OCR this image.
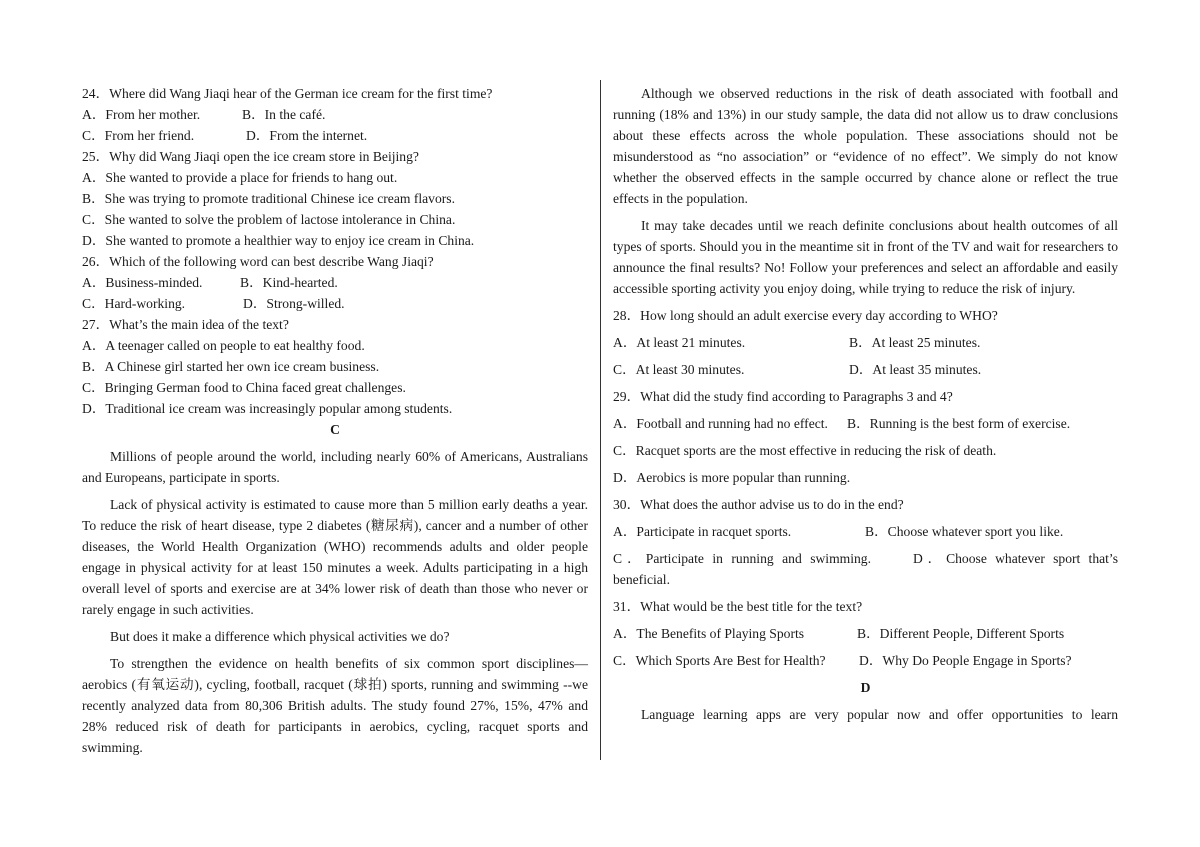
24．Where did Wang Jiaqi hear of the German ice cream for the first time?
A．From her mother.	B．In the café.
C．From her friend.	D．From the internet.
25．Why did Wang Jiaqi open the ice cream store in Beijing?
A．She wanted to provide a place for friends to hang out.
B．She was trying to promote traditional Chinese ice cream flavors.
C．She wanted to solve the problem of lactose intolerance in China.
D．She wanted to promote a healthier way to enjoy ice cream in China.
26．Which of the following word can best describe Wang Jiaqi?
A．Business-minded.	B．Kind-hearted.
C．Hard-working.	D．Strong-willed.
27．What’s the main idea of the text?
A．A teenager called on people to eat healthy food.
B．A Chinese girl started her own ice cream business.
C．Bringing German food to China faced great challenges.
D．Traditional ice cream was increasingly popular among students.
C
Millions of people around the world, including nearly 60% of Americans, Australians and Europeans, participate in sports.
Lack of physical activity is estimated to cause more than 5 million early deaths a year. To reduce the risk of heart disease, type 2 diabetes (糖尿病), cancer and a number of other diseases, the World Health Organization (WHO) recommends adults and older people engage in physical activity for at least 150 minutes a week. Adults participating in a high overall level of sports and exercise are at 34% lower risk of death than those who never or rarely engage in such activities.
But does it make a difference which physical activities we do?
To strengthen the evidence on health benefits of six common sport disciplines—aerobics (有氧运动), cycling, football, racquet (球拍) sports, running and swimming --we recently analyzed data from 80,306 British adults. The study found 27%, 15%, 47% and 28% reduced risk of death for participants in aerobics, cycling, racquet sports and swimming.
Although we observed reductions in the risk of death associated with football and running (18% and 13%) in our study sample, the data did not allow us to draw conclusions about these effects across the whole population. These associations should not be misunderstood as “no association” or “evidence of no effect”. We simply do not know whether the observed effects in the sample occurred by chance alone or reflect the true effects in the population.
It may take decades until we reach definite conclusions about health outcomes of all types of sports. Should you in the meantime sit in front of the TV and wait for researchers to announce the final results? No! Follow your preferences and select an affordable and easily accessible sporting activity you enjoy doing, while trying to reduce the risk of injury.
28．How long should an adult exercise every day according to WHO?
A．At least 21 minutes.	B．At least 25 minutes.
C．At least 30 minutes.	D．At least 35 minutes.
29．What did the study find according to Paragraphs 3 and 4?
A．Football and running had no effect.	B．Running is the best form of exercise.
C．Racquet sports are the most effective in reducing the risk of death.
D．Aerobics is more popular than running.
30．What does the author advise us to do in the end?
A．Participate in racquet sports.	B．Choose whatever sport you like.
C．Participate in running and swimming.	D．Choose whatever sport that’s
beneficial.
31．What would be the best title for the text?
A．The Benefits of Playing Sports	B．Different People, Different Sports
C．Which Sports Are Best for Health?	D．Why Do People Engage in Sports?
D
Language learning apps are very popular now and offer opportunities to learn
